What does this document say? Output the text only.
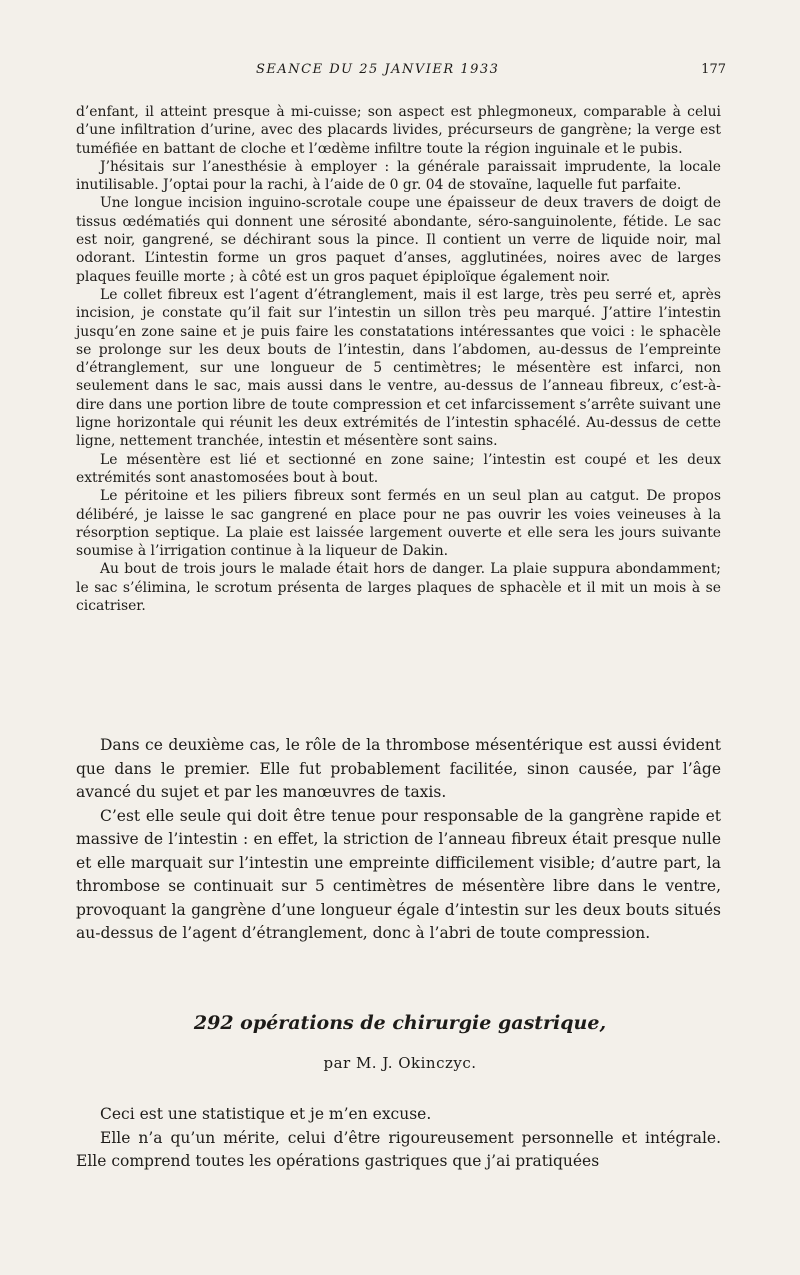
SEANCE DU 25 JANVIER 1933	177

d’enfant, il atteint presque à mi-cuisse; son aspect est phlegmoneux, comparable à celui d’une infiltration d’urine, avec des placards livides, précurseurs de gangrène; la verge est tuméfiée en battant de cloche et l’œdème infiltre toute la région inguinale et le pubis.

J’hésitais sur l’anesthésie à employer : la générale paraissait imprudente, la locale inutilisable. J’optai pour la rachi, à l’aide de 0 gr. 04 de stovaïne, laquelle fut parfaite.

Une longue incision inguino-scrotale coupe une épaisseur de deux travers de doigt de tissus œdématiés qui donnent une sérosité abondante, séro-sanguinolente, fétide. Le sac est noir, gangrené, se déchirant sous la pince. Il contient un verre de liquide noir, mal odorant. L’intestin forme un gros paquet d’anses, agglutinées, noires avec de larges plaques feuille morte ; à côté est un gros paquet épiploïque également noir.

Le collet fibreux est l’agent d’étranglement, mais il est large, très peu serré et, après incision, je constate qu’il fait sur l’intestin un sillon très peu marqué. J’attire l’intestin jusqu’en zone saine et je puis faire les constatations intéressantes que voici : le sphacèle se prolonge sur les deux bouts de l’intestin, dans l’abdomen, au-dessus de l’empreinte d’étranglement, sur une longueur de 5 centimètres; le mésentère est infarci, non seulement dans le sac, mais aussi dans le ventre, au-dessus de l’anneau fibreux, c’est-à-dire dans une portion libre de toute compression et cet infarcissement s’arrête suivant une ligne horizontale qui réunit les deux extrémités de l’intestin sphacélé. Au-dessus de cette ligne, nettement tranchée, intestin et mésentère sont sains.

Le mésentère est lié et sectionné en zone saine; l’intestin est coupé et les deux extrémités sont anastomosées bout à bout.

Le péritoine et les piliers fibreux sont fermés en un seul plan au catgut. De propos délibéré, je laisse le sac gangrené en place pour ne pas ouvrir les voies veineuses à la résorption septique. La plaie est laissée largement ouverte et elle sera les jours suivante soumise à l’irrigation continue à la liqueur de Dakin.

Au bout de trois jours le malade était hors de danger. La plaie suppura abondamment; le sac s’élimina, le scrotum présenta de larges plaques de sphacèle et il mit un mois à se cicatriser.

Dans ce deuxième cas, le rôle de la thrombose mésentérique est aussi évident que dans le premier. Elle fut probablement facilitée, sinon causée, par l’âge avancé du sujet et par les manœuvres de taxis.

C’est elle seule qui doit être tenue pour responsable de la gangrène rapide et massive de l’intestin : en effet, la striction de l’anneau fibreux était presque nulle et elle marquait sur l’intestin une empreinte difficilement visible; d’autre part, la thrombose se continuait sur 5 centimètres de mésentère libre dans le ventre, provoquant la gangrène d’une longueur égale d’intestin sur les deux bouts situés au-dessus de l’agent d’étranglement, donc à l’abri de toute compression.

292 opérations de chirurgie gastrique,
par M. J. Okinczyc.

Ceci est une statistique et je m’en excuse.

Elle n’a qu’un mérite, celui d’être rigoureusement personnelle et intégrale. Elle comprend toutes les opérations gastriques que j’ai pratiquées
